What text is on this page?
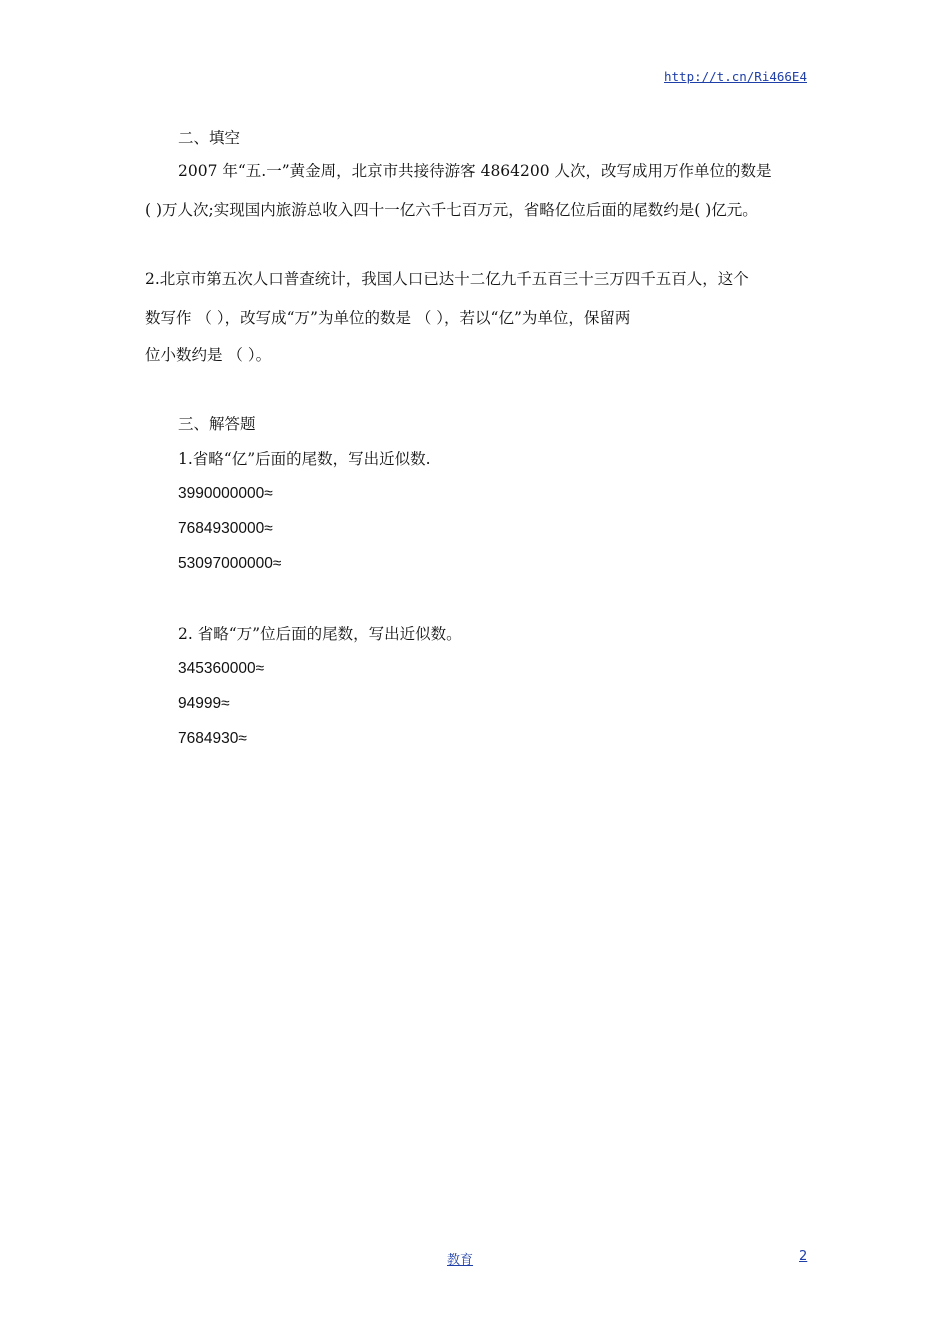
http://t.cn/Ri466E4
二、填空
2007 年“五.一”黄金周，北京市共接待游客 4864200 人次，改写成用万作单位的数是
( )万人次;实现国内旅游总收入四十一亿六千七百万元，省略亿位后面的尾数约是( )亿元。
2.北京市第五次人口普查统计，我国人口已达十二亿九千五百三十三万四千五百人，这个
数写作 （ ），改写成“万”为单位的数是 （ ），若以“亿”为单位，保留两
位小数约是 （ ）。
三、解答题
1.省略“亿”后面的尾数，写出近似数.
3990000000≈
7684930000≈
53097000000≈
2. 省略“万”位后面的尾数，写出近似数。
345360000≈
94999≈
7684930≈
教育	2
